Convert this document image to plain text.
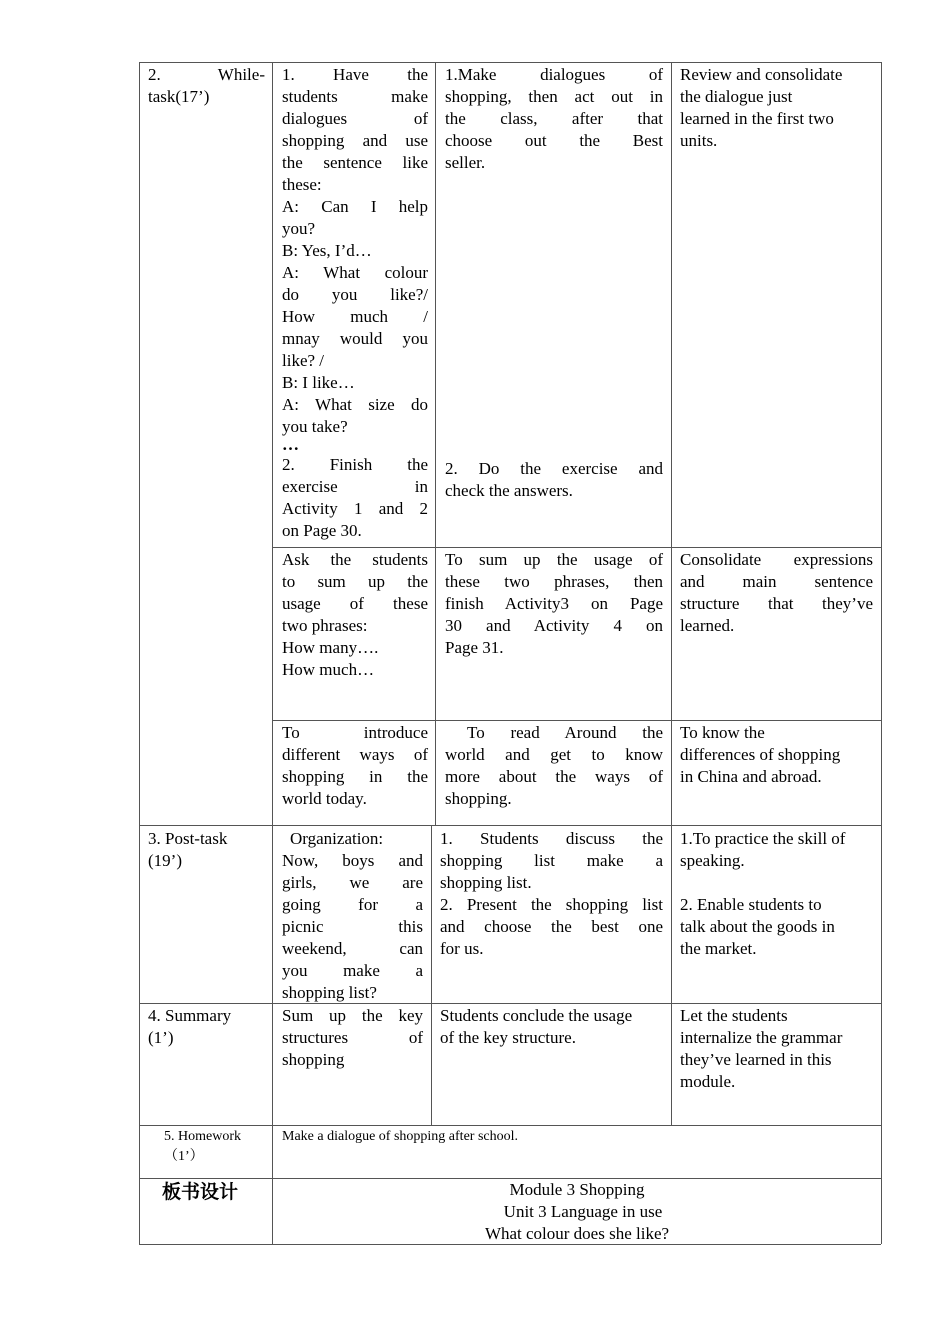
2. While-
task(17’)
1. Have the
students make
dialogues of
shopping and use
the sentence like
these:
A: Can I help
you?
B: Yes, I’d…
A: What colour
do you like?/
How much /
mnay would you
like? /
B: I like…
A: What size do
you take?
…
2. Finish the
exercise in
Activity 1 and 2
on Page 30.
1.Make dialogues of
shopping, then act out in
the class, after that
choose out the Best
seller.
2. Do the exercise and
check the answers.
Review and consolidate
the dialogue just
learned in the first two
units.
Ask the students
to sum up the
usage of these
two phrases:
How many….
How much…
To sum up the usage of
these two phrases, then
finish Activity3 on Page
30 and Activity 4 on
Page 31.
Consolidate expressions
and main sentence
structure that they’ve
learned.
To introduce
different ways of
shopping in the
world today.
To read Around the
world and get to know
more about the ways of
shopping.
To know the
differences of shopping
in China and abroad.
3. Post-task
(19’)
Organization:
Now, boys and
girls, we are
going for a
picnic this
weekend, can
you make a
shopping list?
1. Students discuss the
shopping list make a
shopping list.
2. Present the shopping list
and choose the best one
for us.
1.To practice the skill of
speaking.
2. Enable students to
talk about the goods in
the market.
4. Summary
(1’)
Sum up the key
structures of
shopping
Students conclude the usage
of the key structure.
Let the students
internalize the grammar
they’ve learned in this
module.
5. Homework
（1’）
Make a dialogue of shopping after school.
板书设计	Module 3 Shopping
Unit 3 Language in use
What colour does she like?
